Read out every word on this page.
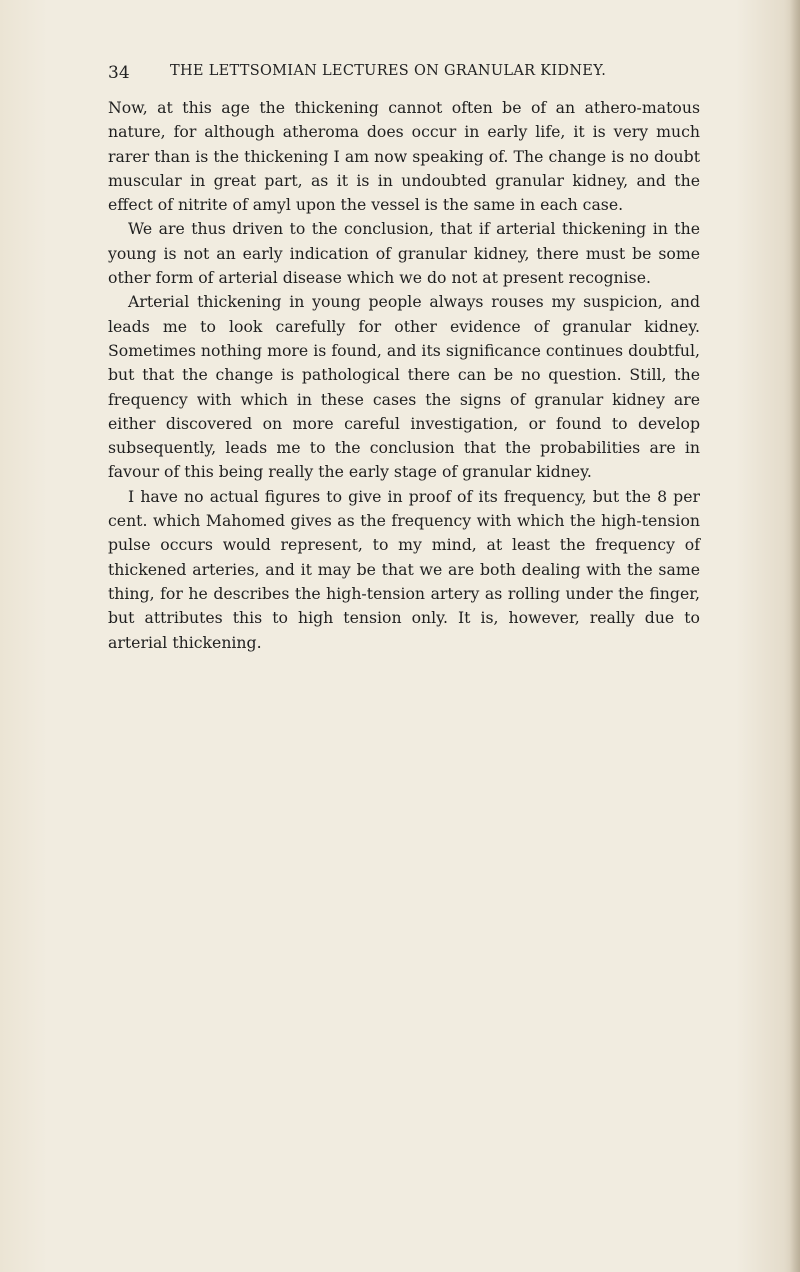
34	THE LETTSOMIAN LECTURES ON GRANULAR KIDNEY.

Now, at this age the thickening cannot often be of an athero-matous nature, for although atheroma does occur in early life, it is very much rarer than is the thickening I am now speaking of. The change is no doubt muscular in great part, as it is in undoubted granular kidney, and the effect of nitrite of amyl upon the vessel is the same in each case.

We are thus driven to the conclusion, that if arterial thickening in the young is not an early indication of granular kidney, there must be some other form of arterial disease which we do not at present recognise.

Arterial thickening in young people always rouses my suspicion, and leads me to look carefully for other evidence of granular kidney. Sometimes nothing more is found, and its significance continues doubtful, but that the change is pathological there can be no question. Still, the frequency with which in these cases the signs of granular kidney are either discovered on more careful investigation, or found to develop subsequently, leads me to the conclusion that the probabilities are in favour of this being really the early stage of granular kidney.

I have no actual figures to give in proof of its frequency, but the 8 per cent. which Mahomed gives as the frequency with which the high-tension pulse occurs would represent, to my mind, at least the frequency of thickened arteries, and it may be that we are both dealing with the same thing, for he describes the high-tension artery as rolling under the finger, but attributes this to high tension only. It is, however, really due to arterial thickening.
